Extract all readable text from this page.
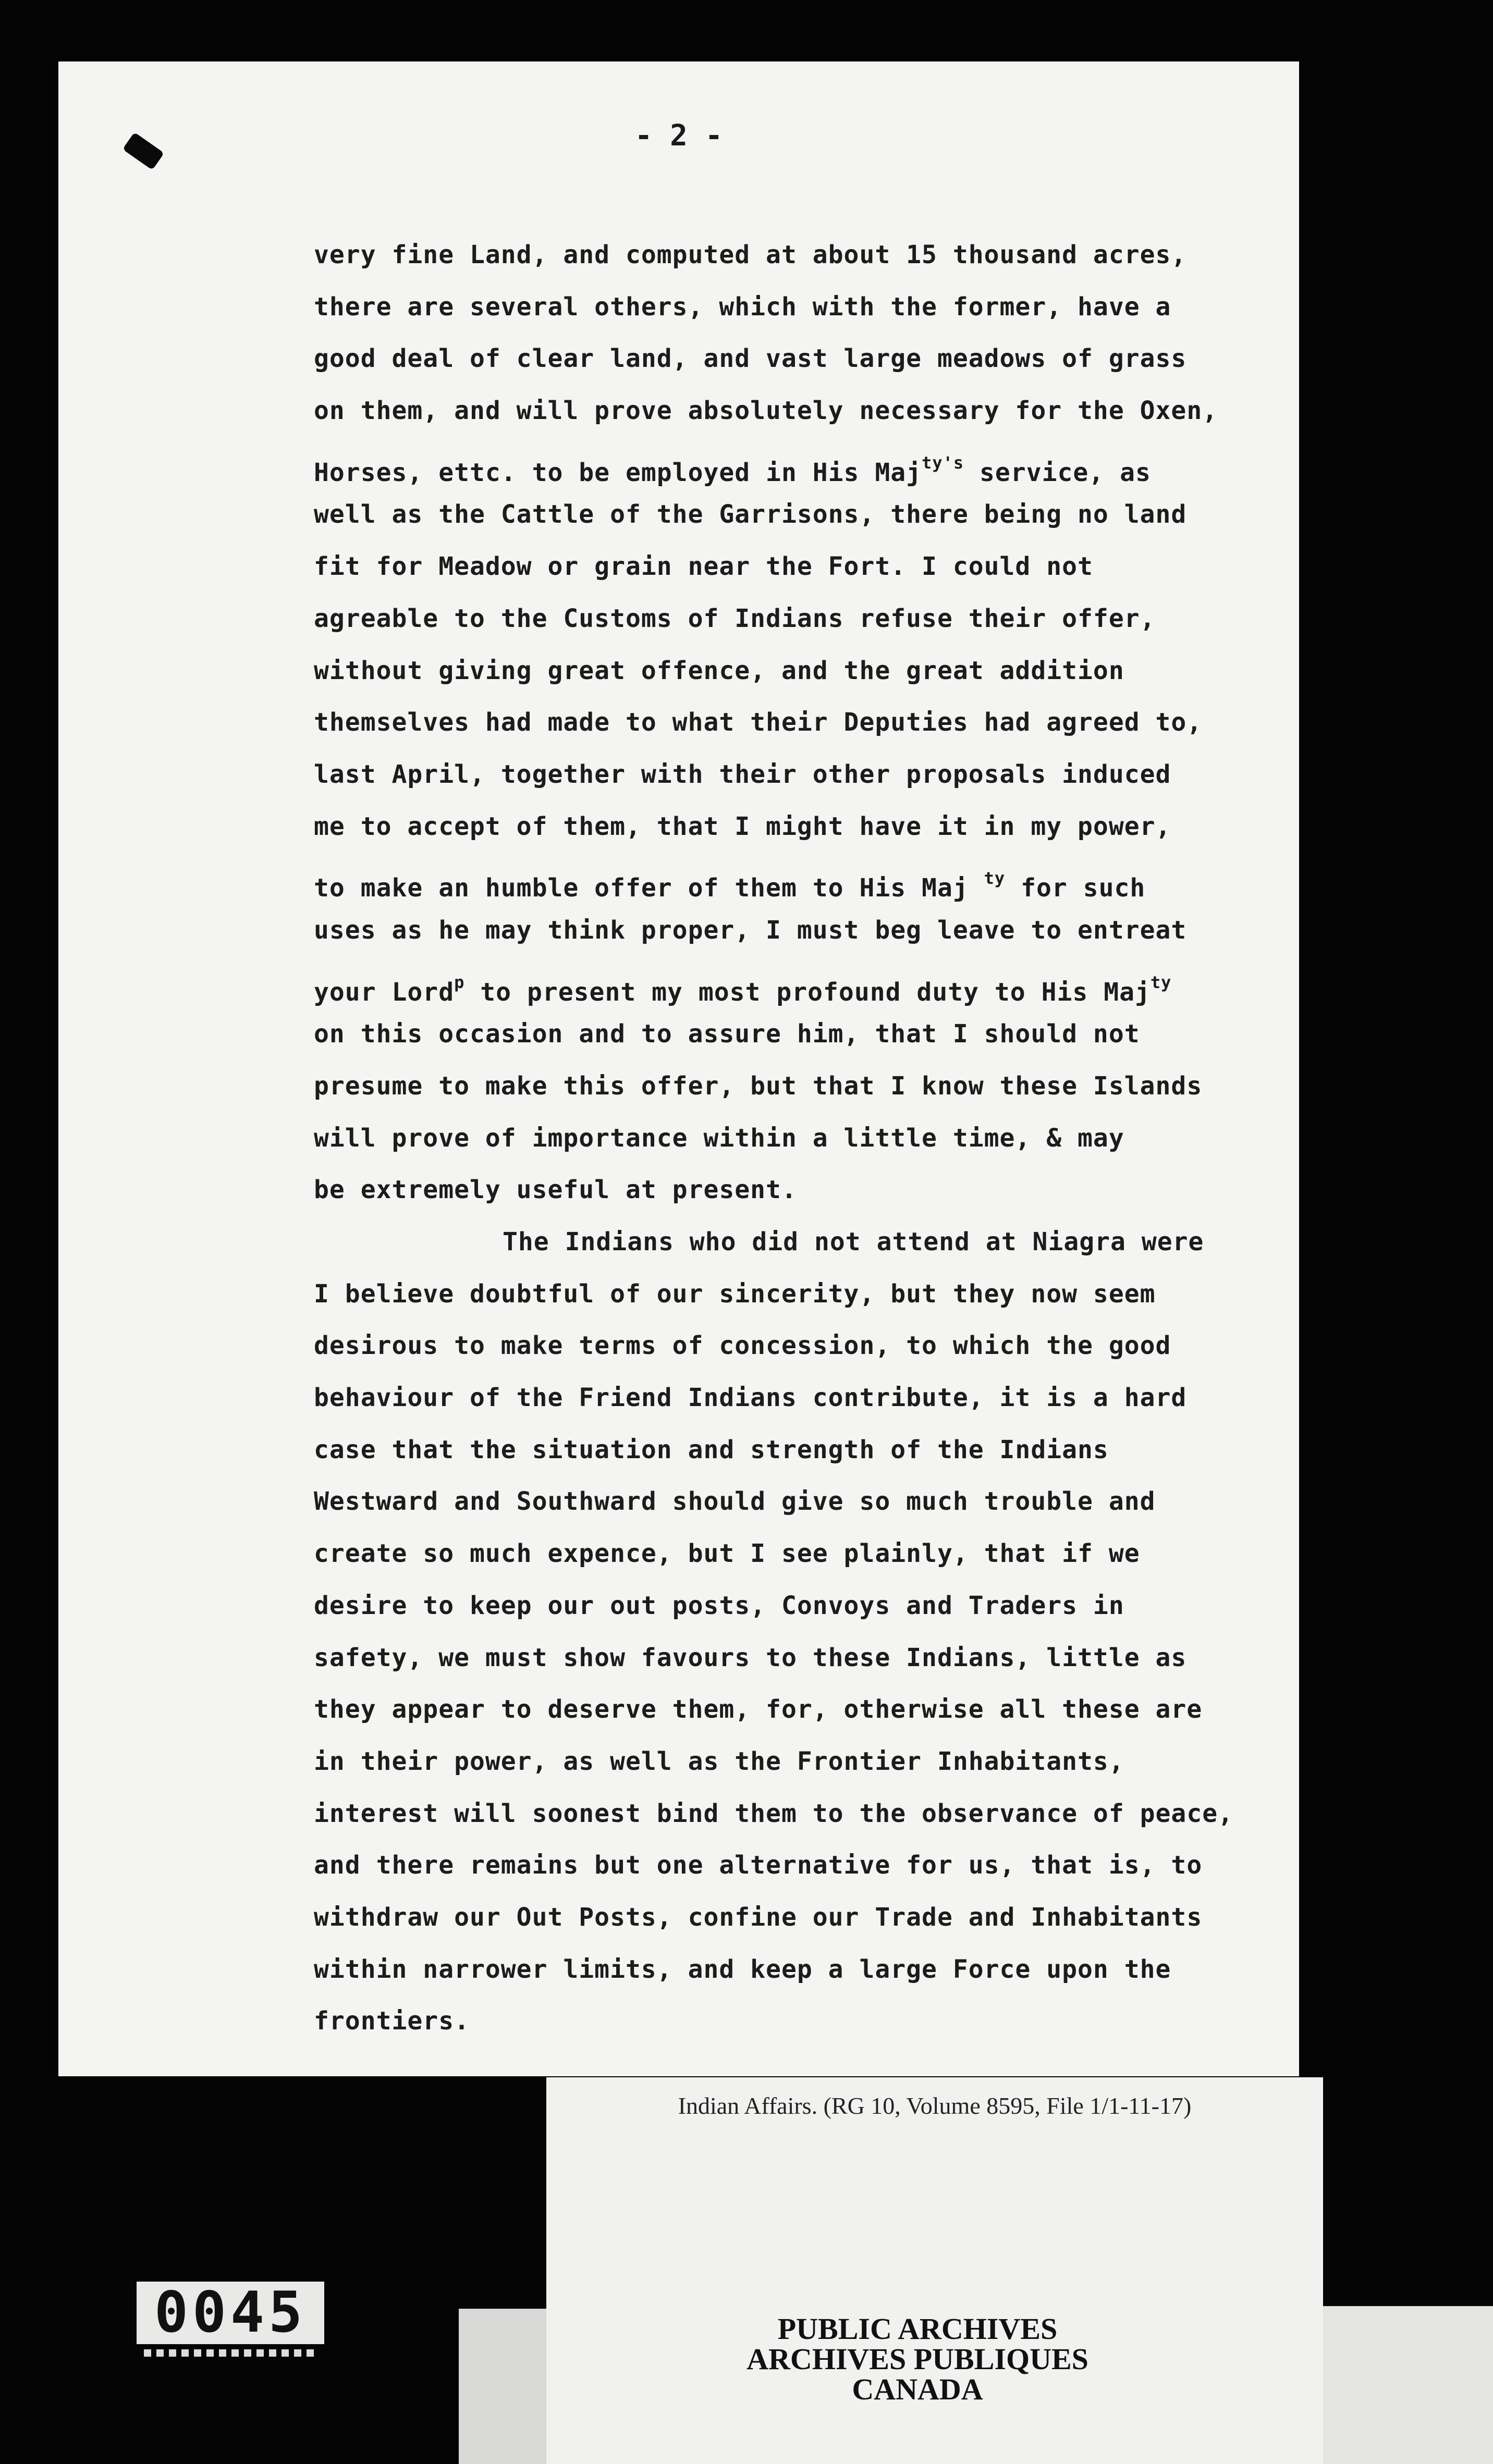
- 2 -
very fine Land, and computed at about 15 thousand acres,
there are several others, which with the former, have a
good deal of clear land, and vast large meadows of grass
on them, and will prove absolutely necessary for the Oxen,
Horses, ettc. to be employed in His Maj$^{ty's}$ service, as
well as the Cattle of the Garrisons, there being no land
fit for Meadow or grain near the Fort. I could not
agreable to the Customs of Indians refuse their offer,
without giving great offence, and the great addition
themselves had made to what their Deputies had agreed to,
last April, together with their other proposals induced
me to accept of them, that I might have it in my power,
to make an humble offer of them to His Maj $^{ty}$ for such
uses as he may think proper, I must beg leave to entreat
your Lord$^p$ to present my most profound duty to His Maj$^{ty}$
on this occasion and to assure him, that I should not
presume to make this offer, but that I know these Islands
will prove of importance within a little time, & may
be extremely useful at present.
The Indians who did not attend at Niagra were
I believe doubtful of our sincerity, but they now seem
desirous to make terms of concession, to which the good
behaviour of the Friend Indians contribute, it is a hard
case that the situation and strength of the Indians
Westward and Southward should give so much trouble and
create so much expence, but I see plainly, that if we
desire to keep our out posts, Convoys and Traders in
safety, we must show favours to these Indians, little as
they appear to deserve them, for, otherwise all these are
in their power, as well as the Frontier Inhabitants,
interest will soonest bind them to the observance of peace,
and there remains but one alternative for us, that is, to
withdraw our Out Posts, confine our Trade and Inhabitants
within narrower limits, and keep a large Force upon the
frontiers.
Indian Affairs. (RG 10, Volume 8595, File 1/1-11-17)
PUBLIC ARCHIVES
ARCHIVES PUBLIQUES
CANADA
0045
